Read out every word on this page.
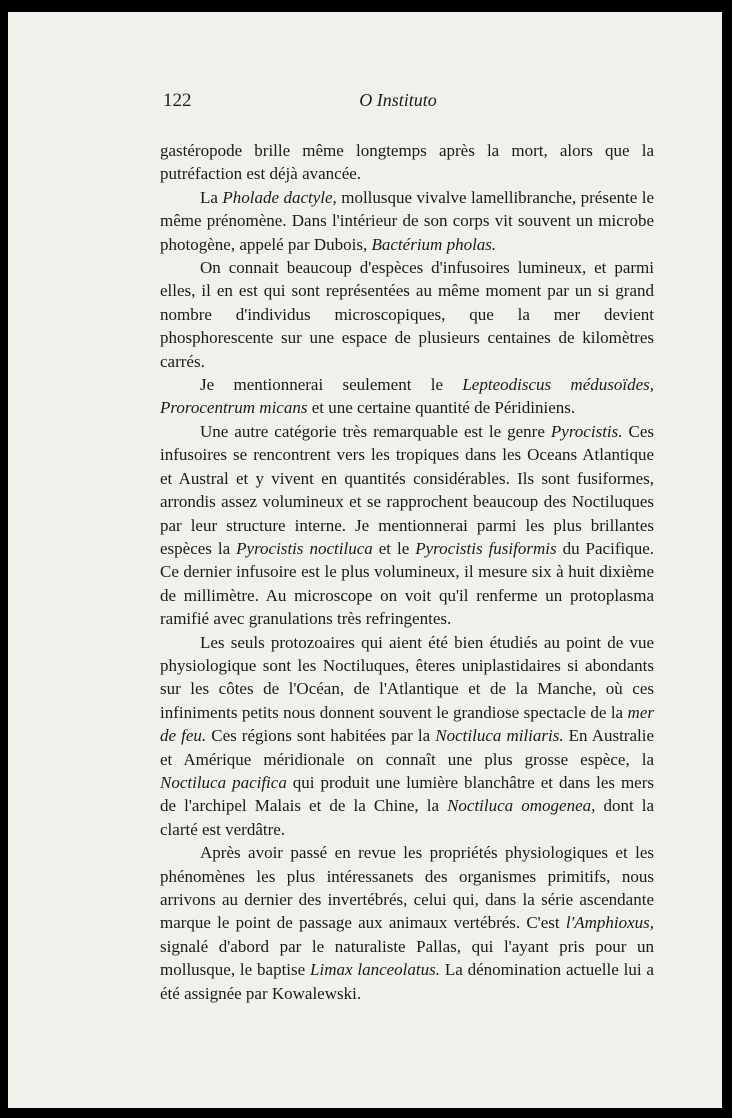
122	O Instituto

gastéropode brille même longtemps après la mort, alors que la putréfaction est déjà avancée.

La Pholade dactyle, mollusque vivalve lamellibranche, présente le même prénomène. Dans l'intérieur de son corps vit souvent un microbe photogène, appelé par Dubois, Bactérium pholas.

On connait beaucoup d'espèces d'infusoires lumineux, et parmi elles, il en est qui sont représentées au même moment par un si grand nombre d'individus microscopiques, que la mer devient phosphorescente sur une espace de plusieurs centaines de kilomètres carrés.

Je mentionnerai seulement le Lepteodiscus médusoïdes, Prorocentrum micans et une certaine quantité de Péridiniens.

Une autre catégorie très remarquable est le genre Pyrocistis. Ces infusoires se rencontrent vers les tropiques dans les Oceans Atlantique et Austral et y vivent en quantités considérables. Ils sont fusiformes, arrondis assez volumineux et se rapprochent beaucoup des Noctiluques par leur structure interne. Je mentionnerai parmi les plus brillantes espèces la Pyrocistis noctiluca et le Pyrocistis fusiformis du Pacifique. Ce dernier infusoire est le plus volumineux, il mesure six à huit dixième de millimètre. Au microscope on voit qu'il renferme un protoplasma ramifié avec granulations très refringentes.

Les seuls protozoaires qui aient été bien étudiés au point de vue physiologique sont les Noctiluques, êteres uniplastidaires si abondants sur les côtes de l'Océan, de l'Atlantique et de la Manche, où ces infiniments petits nous donnent souvent le grandiose spectacle de la mer de feu. Ces régions sont habitées par la Noctiluca miliaris. En Australie et Amérique méridionale on connaît une plus grosse espèce, la Noctiluca pacifica qui produit une lumière blanchâtre et dans les mers de l'archipel Malais et de la Chine, la Noctiluca omogenea, dont la clarté est verdâtre.

Après avoir passé en revue les propriétés physiologiques et les phénomènes les plus intéressanets des organismes primitifs, nous arrivons au dernier des invertébrés, celui qui, dans la série ascendante marque le point de passage aux animaux vertébrés. C'est l'Amphioxus, signalé d'abord par le naturaliste Pallas, qui l'ayant pris pour un mollusque, le baptise Limax lanceolatus. La dénomination actuelle lui a été assignée par Kowalewski.
